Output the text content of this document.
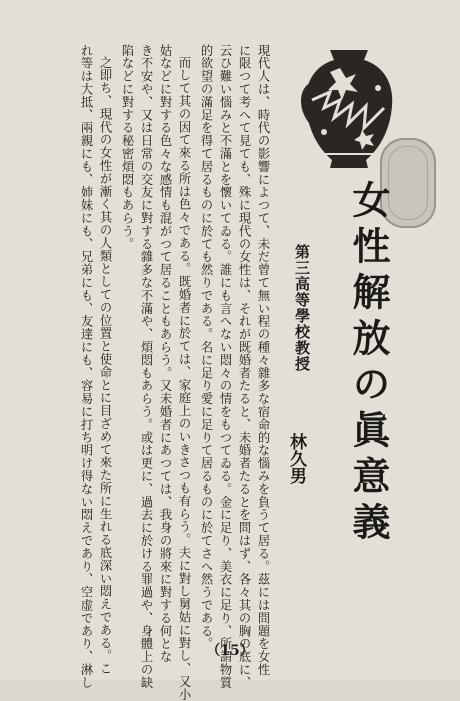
女性解放の眞意義
第三高等學校教授
林久男
現代人は、時代の影響によつて、未だ曾て無い程の種々雜多な宿命的な惱みを負うて居る。茲には問題を女性
に限つて考へて見ても、殊に現代の女性は、それが既婚者たると、未婚者たるとを問はず、各々其の胸の底に、
云ひ難い惱みと不滿とを懷いてゐる。誰にも言へない悶々の情をもつてゐる。金に足り、美衣に足り、所謂物質
的欲望の滿足を得て居るものに於ても然りである。名に足り愛に足りて居るものに於てさへ然うである。
而して其の因て來る所は色々である。既婚者に於ては、家庭上のいきさつも有らう。夫に對し舅姑に對し、又小
姑などに對する色々な感情も混がつて居ることもあらう。又未婚者にあつては、我身の將來に對する何とな
き不安や、又は日常の交友に對する雜多な不滿や、煩悶もあらう。或は更に、過去に於ける罪過や、身體上の缺
陷などに對する秘密煩悶もあらう。
之即ち、現代の女性が漸く其の人類としての位置と使命とに目ざめて來た所に生れる底深い悶えである。こ
れ等は大抵、兩親にも、姉妹にも、兄弟にも、友達にも、容易に打ち明け得ない悶えであり、空虚であり、淋し	（15）
